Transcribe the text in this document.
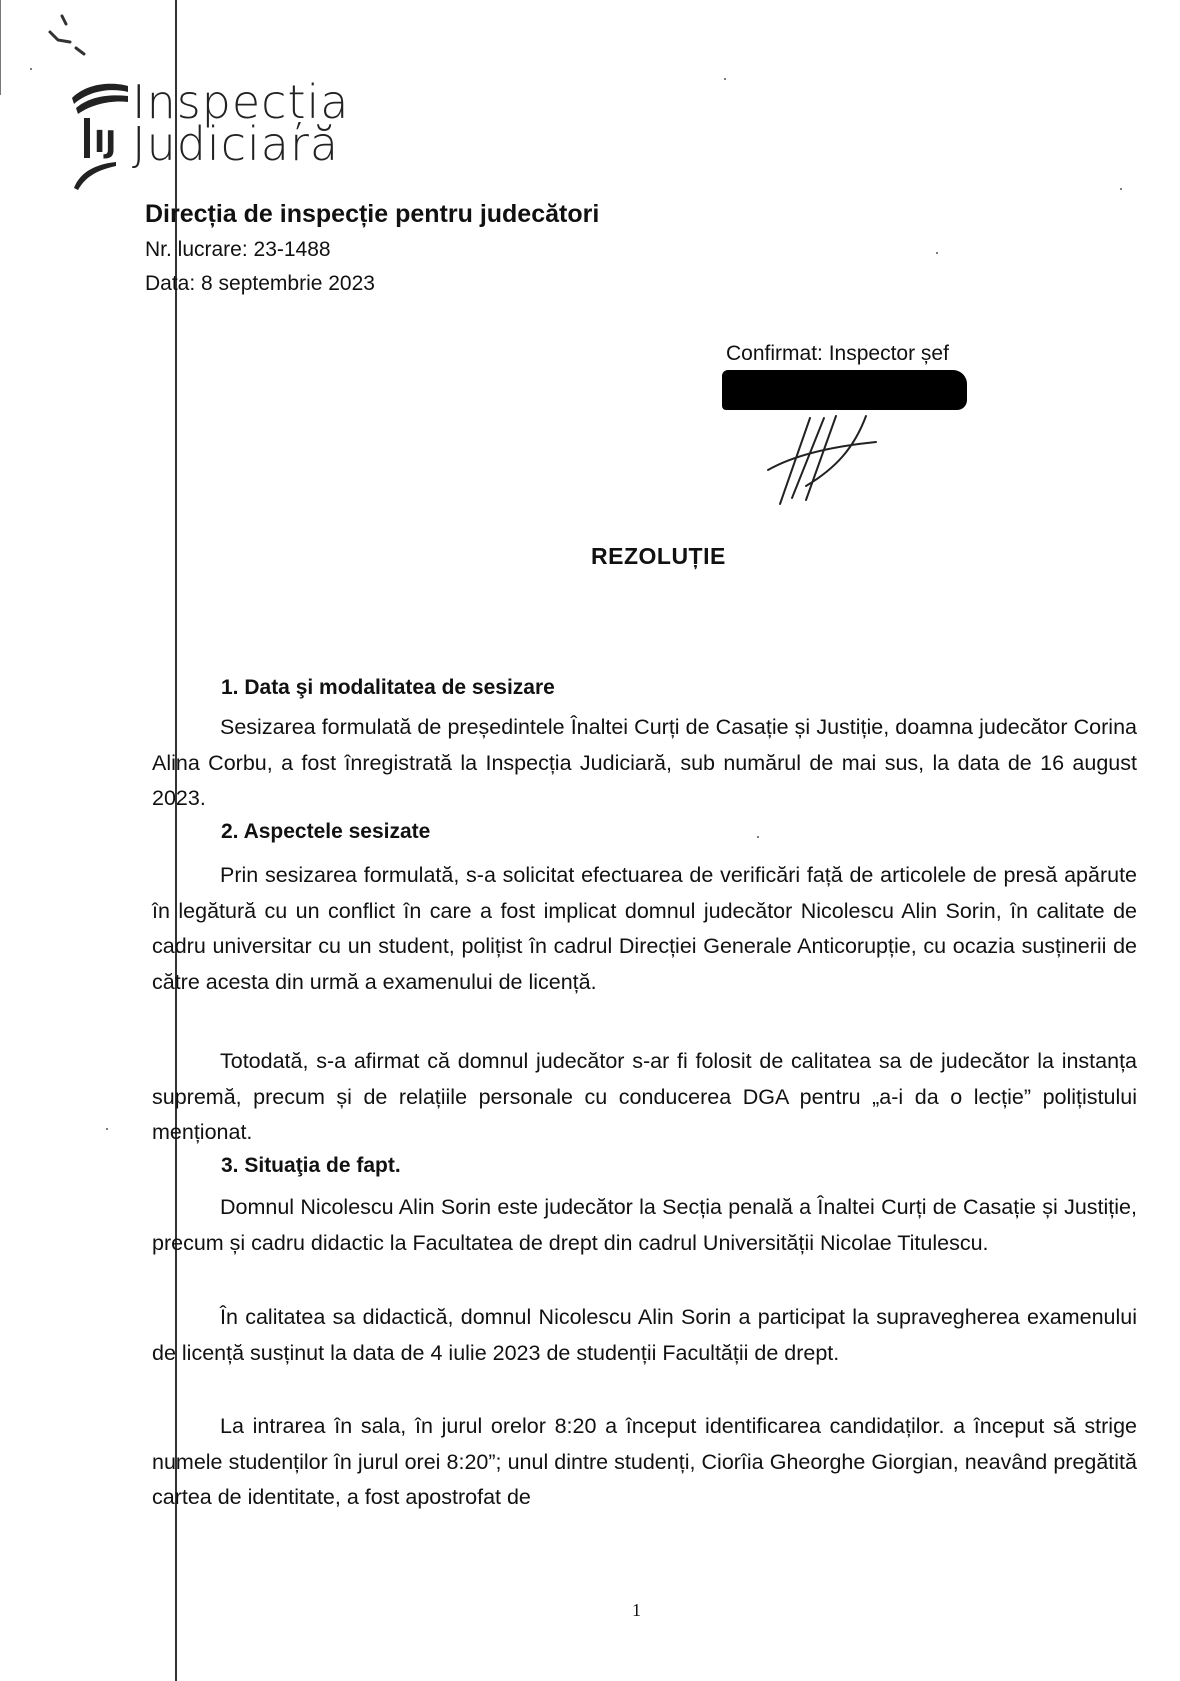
IJ
Inspecția
Judiciară
Direcția de inspecție pentru judecători
Nr. lucrare: 23-1488
Data: 8 septembrie 2023
Confirmat: Inspector șef
REZOLUȚIE
1. Data şi modalitatea de sesizare
Sesizarea formulată de președintele Înaltei Curți de Casație și Justiție, doamna judecător Corina Alina Corbu, a fost înregistrată la Inspecția Judiciară, sub numărul de mai sus, la data de 16 august 2023.
2. Aspectele sesizate
Prin sesizarea formulată, s-a solicitat efectuarea de verificări față de articolele de presă apărute în legătură cu un conflict în care a fost implicat domnul judecător Nicolescu Alin Sorin, în calitate de cadru universitar cu un student, polițist în cadrul Direcției Generale Anticorupție, cu ocazia susținerii de către acesta din urmă a examenului de licență.
Totodată, s-a afirmat că domnul judecător s-ar fi folosit de calitatea sa de judecător la instanța supremă, precum și de relațiile personale cu conducerea DGA pentru „a-i da o lecție” polițistului menționat.
3. Situaţia de fapt.
Domnul Nicolescu Alin Sorin este judecător la Secția penală a Înaltei Curți de Casație și Justiție, precum și cadru didactic la Facultatea de drept din cadrul Universității Nicolae Titulescu.
În calitatea sa didactică, domnul Nicolescu Alin Sorin a participat la supravegherea examenului de licență susținut la data de 4 iulie 2023 de studenții Facultății de drept.
La intrarea în sala, în jurul orelor 8:20 a început identificarea candidaților. a început să strige numele studenților în jurul orei 8:20”; unul dintre studenți, Ciorîia Gheorghe Giorgian, neavând pregătită cartea de identitate, a fost apostrofat de
1
